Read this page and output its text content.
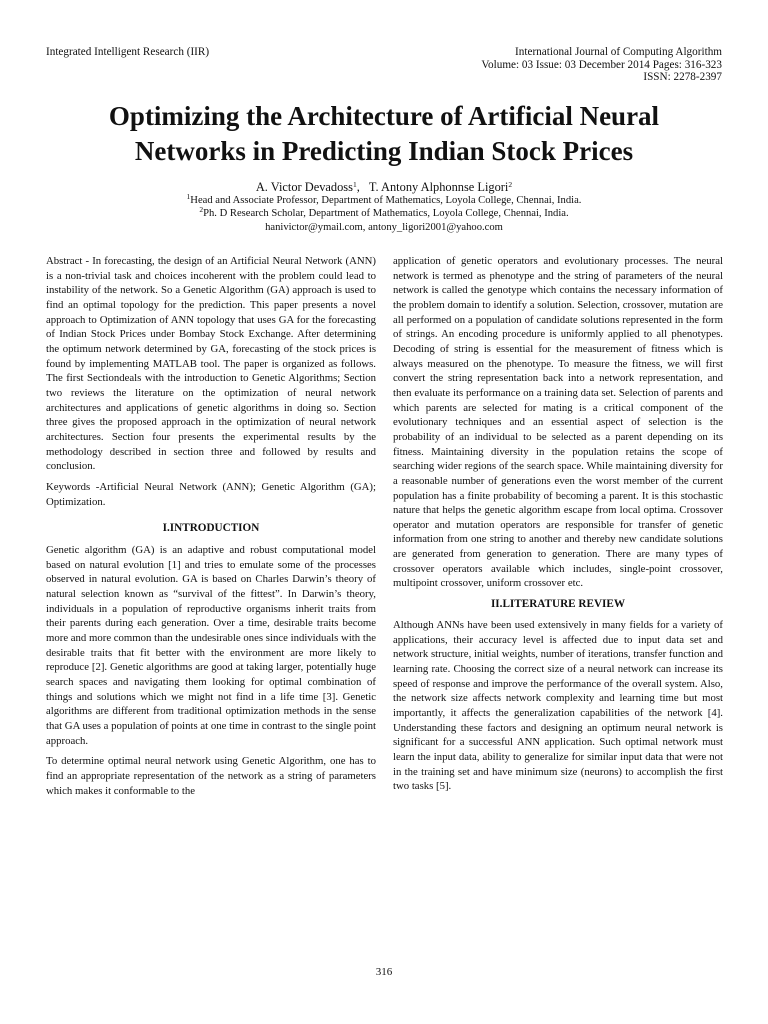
Integrated Intelligent Research (IIR)	International Journal of Computing Algorithm
Volume: 03 Issue: 03 December 2014 Pages: 316-323
ISSN: 2278-2397
Optimizing the Architecture of Artificial Neural
Networks in Predicting Indian Stock Prices
A. Victor Devadoss$^1$,   T. Antony Alphonnse Ligori$^2$
$^1$Head and Associate Professor, Department of Mathematics, Loyola College, Chennai, India.
$^2$Ph. D Research Scholar, Department of Mathematics, Loyola College, Chennai, India.
hanivictor@ymail.com, antony_ligori2001@yahoo.com

Abstract - In forecasting, the design of an Artificial Neural Network (ANN) is a non-trivial task and choices incoherent with the problem could lead to instability of the network. So a Genetic Algorithm (GA) approach is used to find an optimal topology for the prediction. This paper presents a novel approach to Optimization of ANN topology that uses GA for the forecasting of Indian Stock Prices under Bombay Stock Exchange. After determining the optimum network determined by GA, forecasting of the stock prices is found by implementing MATLAB tool. The paper is organized as follows. The first Sectiondeals with the introduction to Genetic Algorithms; Section two reviews the literature on the optimization of neural network architectures and applications of genetic algorithms in doing so. Section three gives the proposed approach in the optimization of neural network architectures. Section four presents the experimental results by the methodology described in section three and followed by results and conclusion.

Keywords -Artificial Neural Network (ANN); Genetic Algorithm (GA); Optimization.

I.INTRODUCTION

Genetic algorithm (GA) is an adaptive and robust computational model based on natural evolution [1] and tries to emulate some of the processes observed in natural evolution. GA is based on Charles Darwin’s theory of natural selection known as “survival of the fittest”. In Darwin’s theory, individuals in a population of reproductive organisms inherit traits from their parents during each generation. Over a time, desirable traits become more and more common than the undesirable ones since individuals with the desirable traits that fit better with the environment are more likely to reproduce [2]. Genetic algorithms are good at taking larger, potentially huge search spaces and navigating them looking for optimal combination of things and solutions which we might not find in a life time [3]. Genetic algorithms are different from traditional optimization methods in the sense that GA uses a population of points at one time in contrast to the single point approach.

To determine optimal neural network using Genetic Algorithm, one has to find an appropriate representation of the network as a string of parameters which makes it conformable to the

application of genetic operators and evolutionary processes. The neural network is termed as phenotype and the string of parameters of the neural network is called the genotype which contains the necessary information of the problem domain to identify a solution. Selection, crossover, mutation are all performed on a population of candidate solutions represented in the form of strings. An encoding procedure is uniformly applied to all phenotypes. Decoding of string is essential for the measurement of fitness which is always measured on the phenotype. To measure the fitness, we will first convert the string representation back into a network representation, and then evaluate its performance on a training data set. Selection of parents and which parents are selected for mating is a critical component of the evolutionary techniques and an essential aspect of selection is the probability of an individual to be selected as a parent depending on its fitness. Maintaining diversity in the population retains the scope of searching wider regions of the search space. While maintaining diversity for a reasonable number of generations even the worst member of the current population has a finite probability of becoming a parent. It is this stochastic nature that helps the genetic algorithm escape from local optima. Crossover operator and mutation operators are responsible for transfer of genetic information from one string to another and thereby new candidate solutions are generated from generation to generation. There are many types of crossover operators available which includes, single-point crossover, multipoint crossover, uniform crossover etc.

II.LITERATURE REVIEW

Although ANNs have been used extensively in many fields for a variety of applications, their accuracy level is affected due to input data set and network structure, initial weights, number of iterations, transfer function and learning rate. Choosing the correct size of a neural network can increase its speed of response and improve the performance of the overall system. Also, the network size affects network complexity and learning time but most importantly, it affects the generalization capabilities of the network [4]. Understanding these factors and designing an optimum neural network is significant for a successful ANN application. Such optimal network must learn the input data, ability to generalize for similar input data that were not in the training set and have minimum size (neurons) to accomplish the first two tasks [5].

316
